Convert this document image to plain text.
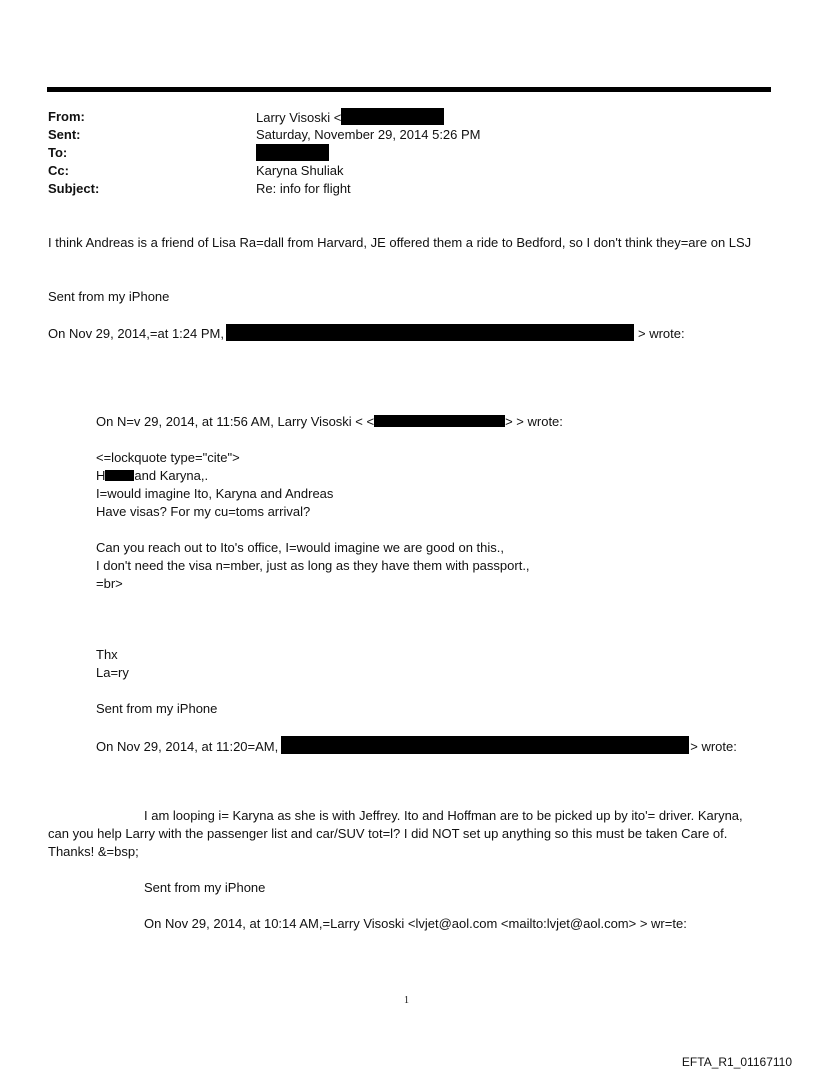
From:	Larry Visoski <
Sent:	Saturday, November 29, 2014 5:26 PM
To:
Cc:	Karyna Shuliak
Subject:	Re: info for flight
I think Andreas is a friend of Lisa Ra=dall from Harvard, JE offered them a ride to Bedford, so I don't think they=are on LSJ
Sent from my iPhone
On Nov 29, 2014,=at 1:24 PM,	> wrote:
On N=v 29, 2014, at 11:56 AM, Larry Visoski < <	> > wrote:
<=lockquote type="cite">
H and Karyna,.
I=would imagine Ito, Karyna and Andreas
Have visas? For my cu=toms arrival?
Can you reach out to Ito's office, I=would imagine we are good on this.,
I don't need the visa n=mber, just as long as they have them with passport.,
=br>
Thx
La=ry
Sent from my iPhone
On Nov 29, 2014, at 11:20=AM,	> wrote:
I am looping i= Karyna as she is with Jeffrey. Ito and Hoffman are to be picked up by ito'= driver. Karyna,
can you help Larry with the passenger list and car/SUV tot=l? I did NOT set up anything so this must be taken Care of.
Thanks! &=bsp;
Sent from my iPhone
On Nov 29, 2014, at 10:14 AM,=Larry Visoski <lvjet@aol.com <mailto:lvjet@aol.com> > wr=te:
1
EFTA_R1_01167110
